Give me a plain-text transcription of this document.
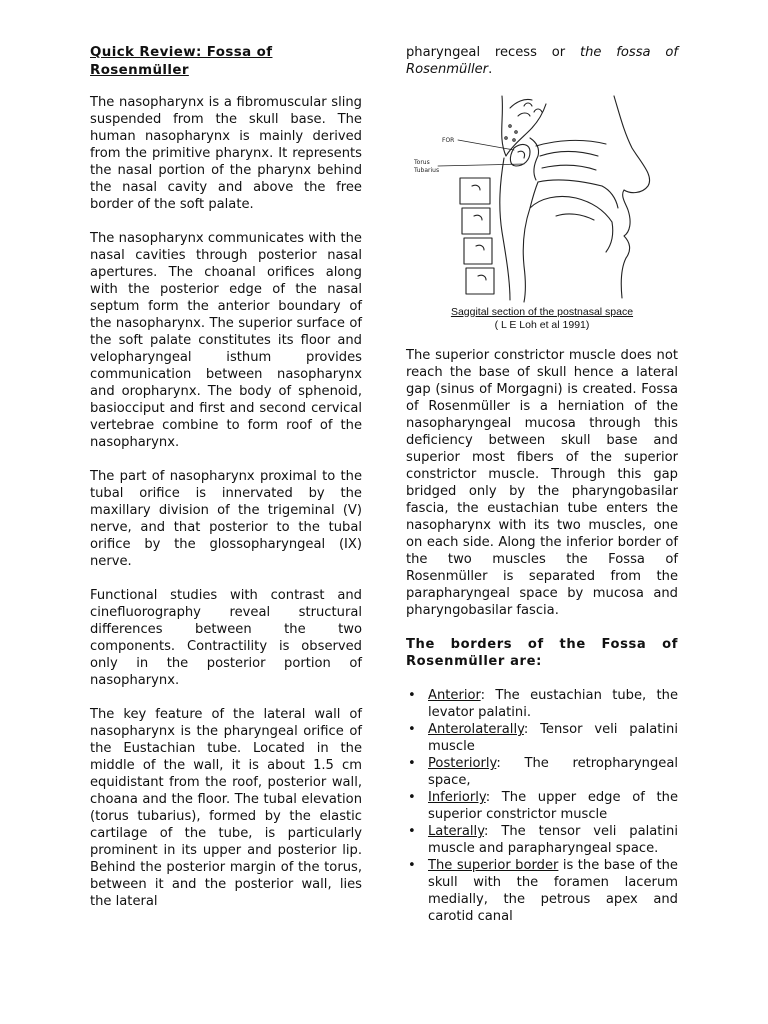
Quick Review: Fossa of
Rosenmüller

The nasopharynx is a fibromuscular sling suspended from the skull base. The human nasopharynx is mainly derived from the primitive pharynx. It represents the nasal portion of the pharynx behind the nasal cavity and above the free border of the soft palate.

The nasopharynx communicates with the nasal cavities through posterior nasal apertures. The choanal orifices along with the posterior edge of the nasal septum form the anterior boundary of the nasopharynx. The superior surface of the soft palate constitutes its floor and velopharyngeal isthum provides communication between nasopharynx and oropharynx. The body of sphenoid, basiocciput and first and second cervical vertebrae combine to form roof of the nasopharynx.

The part of nasopharynx proximal to the tubal orifice is innervated by the maxillary division of the trigeminal (V) nerve, and that posterior to the tubal orifice by the glossopharyngeal (IX) nerve.

Functional studies with contrast and cinefluorography reveal structural differences between the two components. Contractility is observed only in the posterior portion of nasopharynx.

The key feature of the lateral wall of nasopharynx is the pharyngeal orifice of the Eustachian tube. Located in the middle of the wall, it is about 1.5 cm equidistant from the roof, posterior wall, choana and the floor. The tubal elevation (torus tubarius), formed by the elastic cartilage of the tube, is particularly prominent in its upper and posterior lip. Behind the posterior margin of the torus, between it and the posterior wall, lies the lateral

pharyngeal recess or the fossa of Rosenmüller.

FOR
Torus
Tubarius
Saggital section of the postnasal space
( L E Loh et al 1991)

The superior constrictor muscle does not reach the base of skull hence a lateral gap (sinus of Morgagni) is created. Fossa of Rosenmüller is a herniation of the nasopharyngeal mucosa through this deficiency between skull base and superior most fibers of the superior constrictor muscle. Through this gap bridged only by the pharyngobasilar fascia, the eustachian tube enters the nasopharynx with its two muscles, one on each side. Along the inferior border of the two muscles the Fossa of Rosenmüller is separated from the parapharyngeal space by mucosa and pharyngobasilar fascia.

The borders of the Fossa of Rosenmüller are:
• Anterior: The eustachian tube, the levator palatini.
• Anterolaterally: Tensor veli palatini muscle
• Posteriorly: The retropharyngeal space,
• Inferiorly: The upper edge of the superior constrictor muscle
• Laterally: The tensor veli palatini muscle and parapharyngeal space.
• The superior border is the base of the skull with the foramen lacerum medially, the petrous apex and carotid canal
